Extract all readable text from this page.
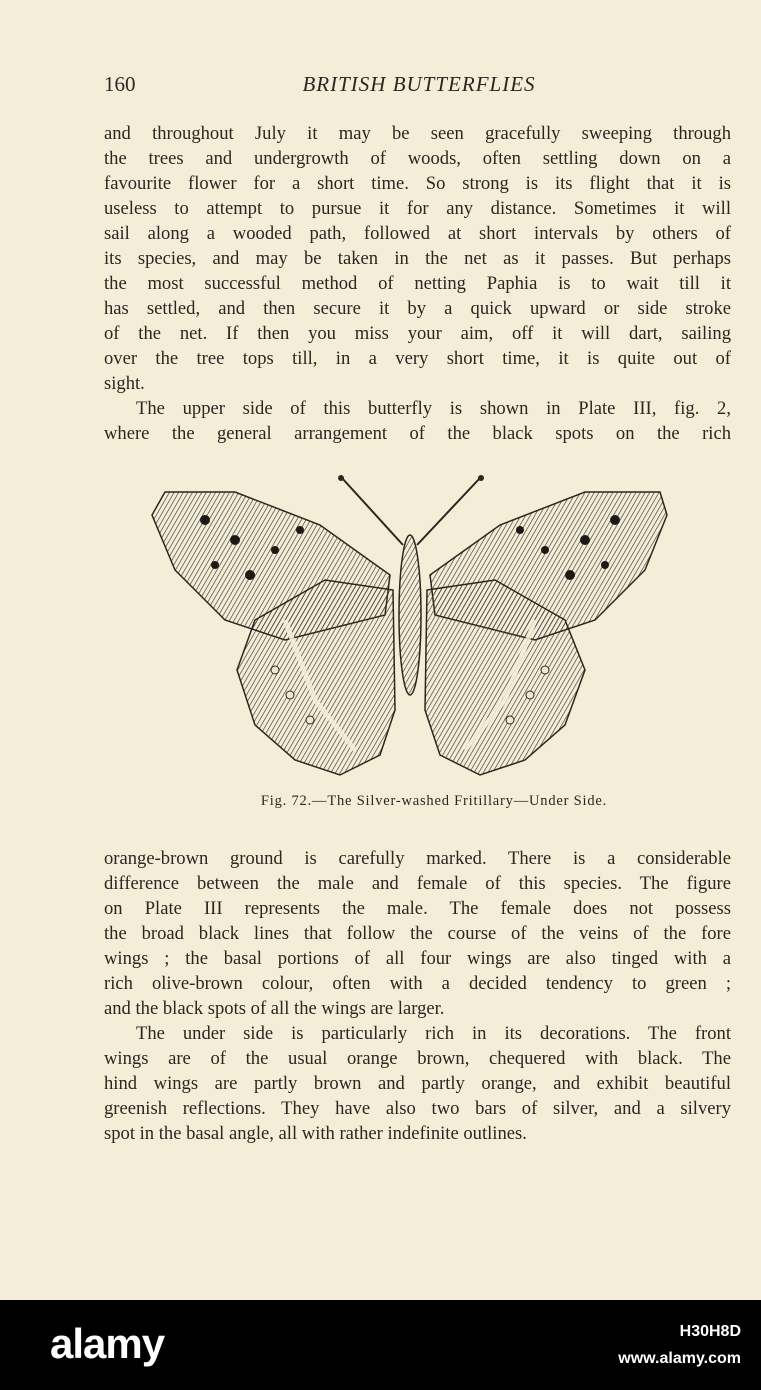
160	BRITISH BUTTERFLIES
and throughout July it may be seen gracefully sweeping through
the trees and undergrowth of woods, often settling down on a
favourite flower for a short time. So strong is its flight that it is
useless to attempt to pursue it for any distance. Sometimes it will
sail along a wooded path, followed at short intervals by others of
its species, and may be taken in the net as it passes. But perhaps
the most successful method of netting Paphia is to wait till it
has settled, and then secure it by a quick upward or side stroke
of the net. If then you miss your aim, off it will dart, sailing
over the tree tops till, in a very short time, it is quite out of
sight.
The upper side of this butterfly is shown in Plate III, fig. 2,
where the general arrangement of the black spots on the rich
Fig. 72.—The Silver-washed Fritillary—Under Side.
orange-brown ground is carefully marked. There is a considerable
difference between the male and female of this species. The figure
on Plate III represents the male. The female does not possess
the broad black lines that follow the course of the veins of the fore
wings ; the basal portions of all four wings are also tinged with a
rich olive-brown colour, often with a decided tendency to green ;
and the black spots of all the wings are larger.
The under side is particularly rich in its decorations. The front
wings are of the usual orange brown, chequered with black. The
hind wings are partly brown and partly orange, and exhibit beautiful
greenish reflections. They have also two bars of silver, and a silvery
spot in the basal angle, all with rather indefinite outlines.
alamy	H30H8D
www.alamy.com
